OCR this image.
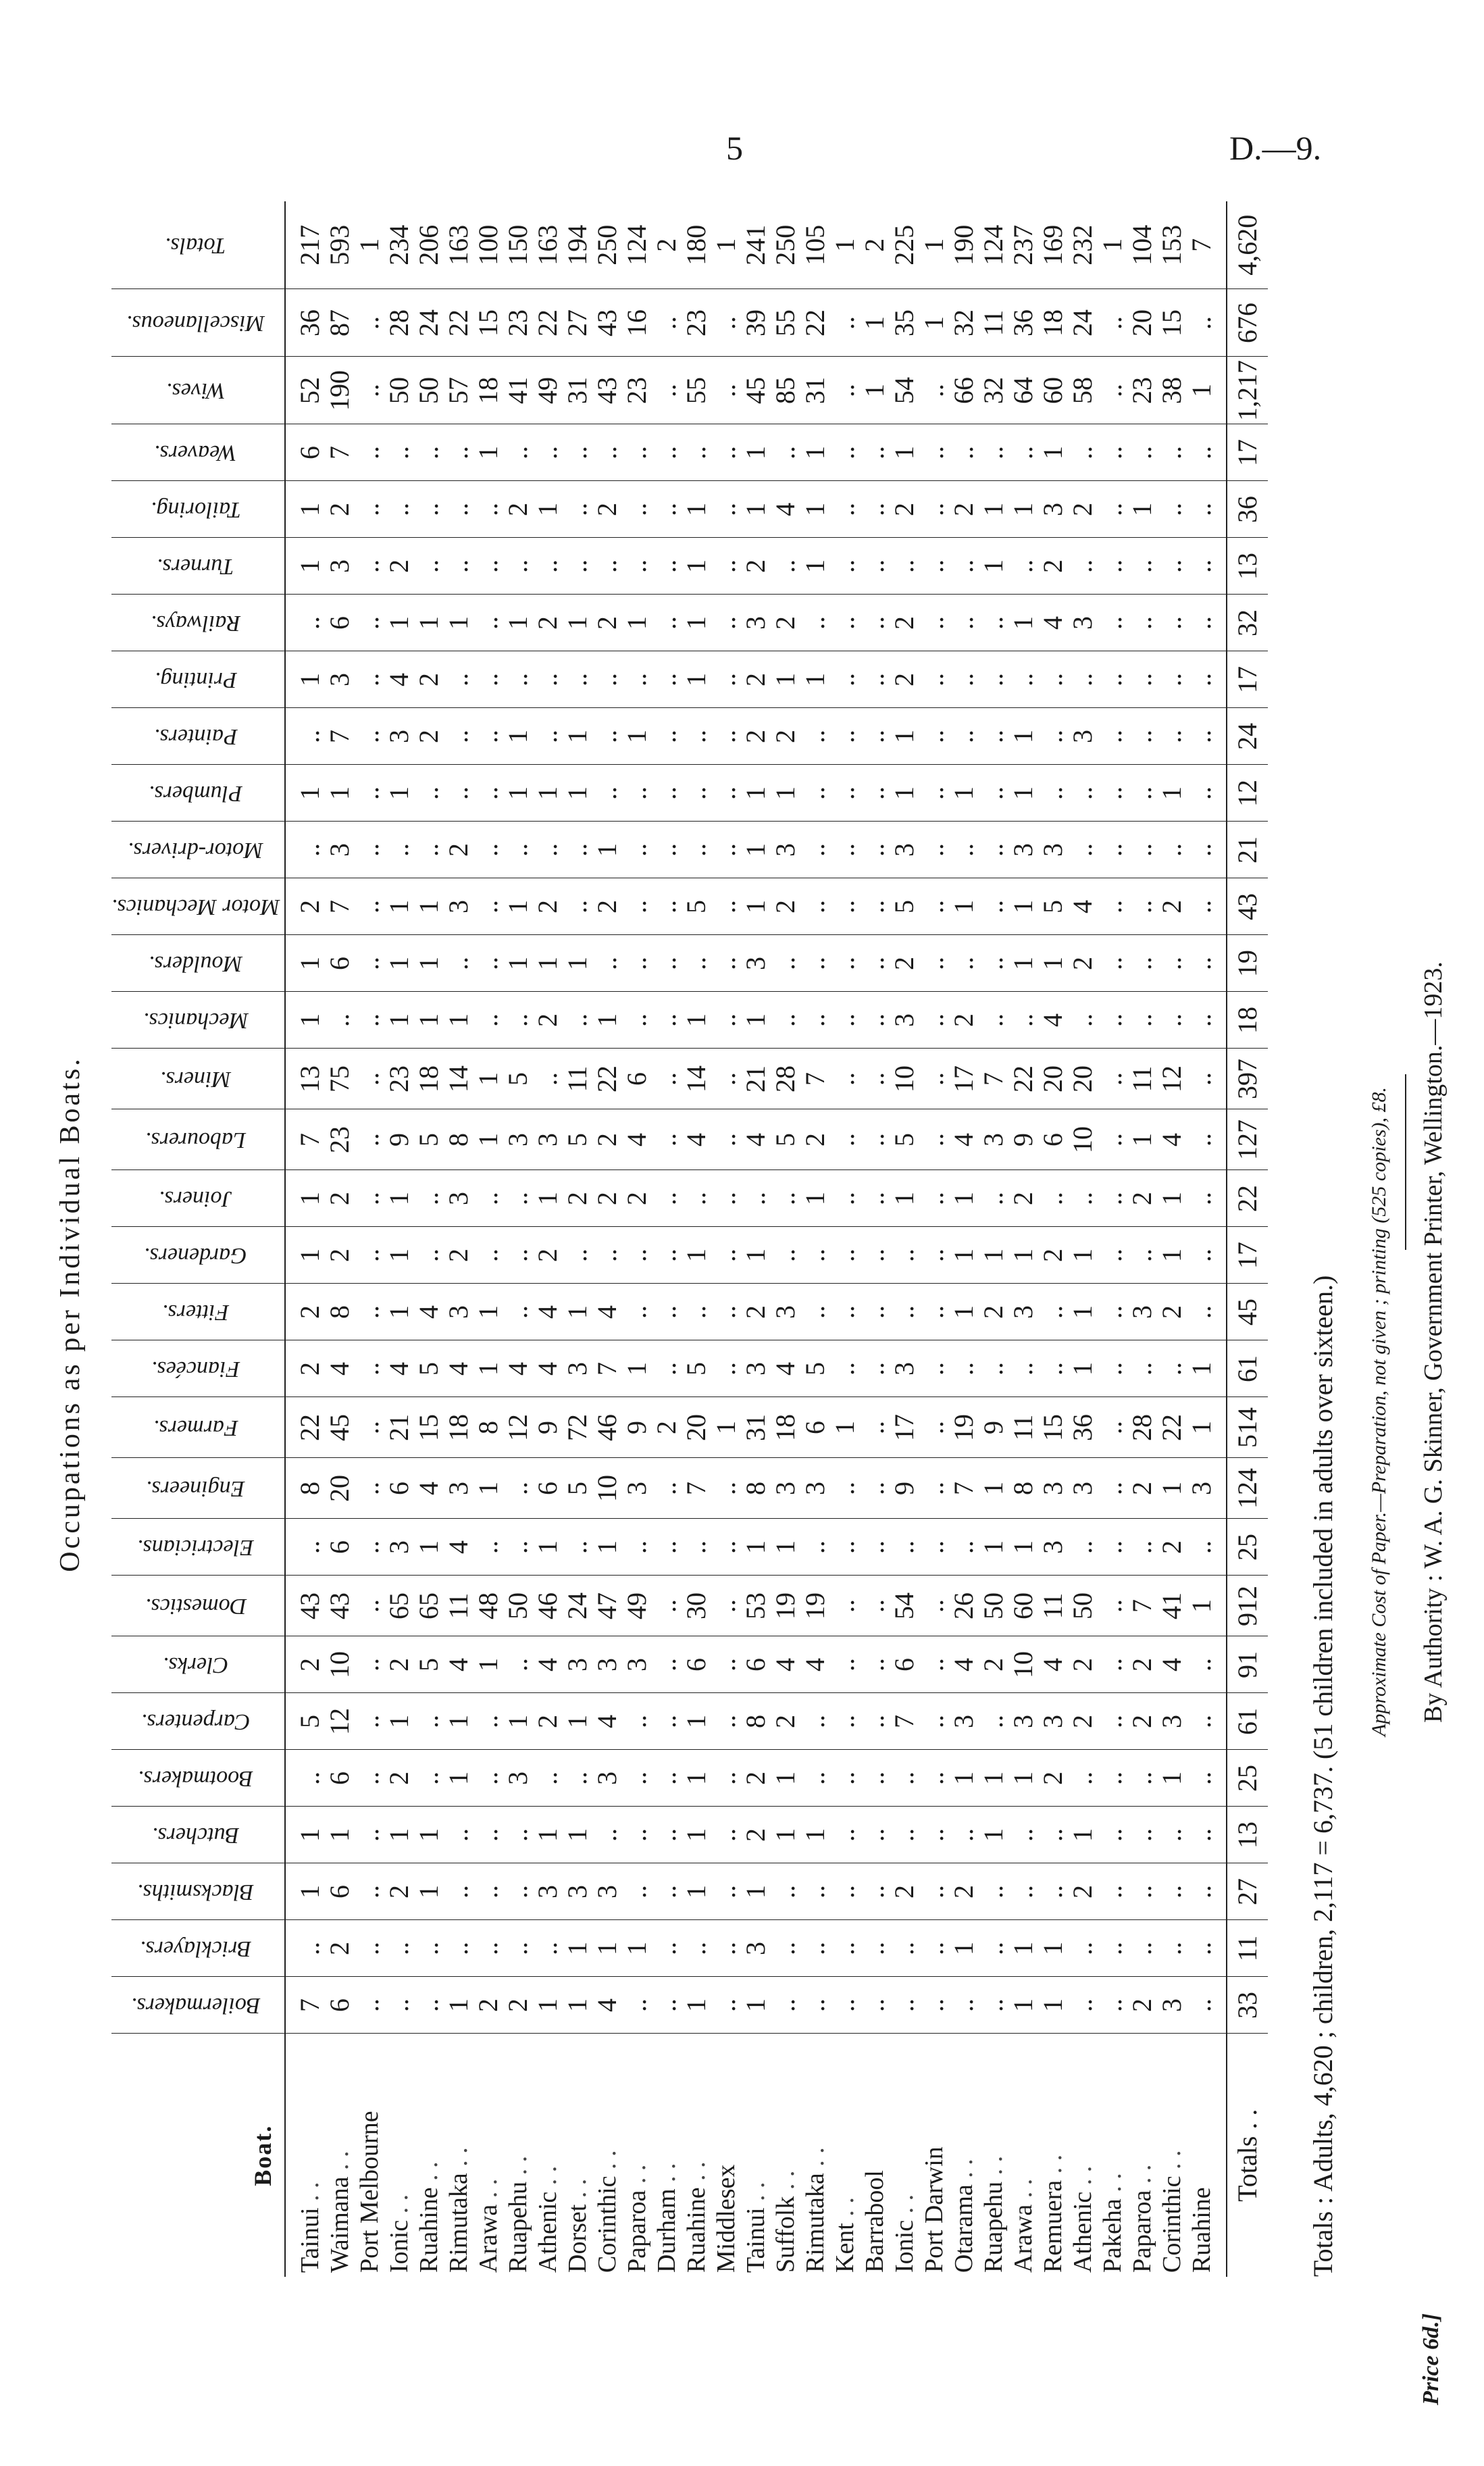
5	D.—9.
Occupations as per Individual Boats.
Boat.	Boilermakers.	Bricklayers.	Blacksmiths.	Butchers.	Bootmakers.	Carpenters.	Clerks.	Domestics.	Electricians.	Engineers.	Farmers.	Fiancées.	Fitters.	Gardeners.	Joiners.	Labourers.	Miners.	Mechanics.	Moulders.	Motor Mechanics.	Motor-drivers.	Plumbers.	Painters.	Printing.	Railways.	Turners.	Tailoring.	Weavers.	Wives.	Miscellaneous.	Totals.
Tainui . .	7	..	1	1	..	5	2	43	..	8	22	2	2	1	1	7	13	1	1	2	..	1	..	1	..	1	1	6	52	36	217
Waimana . .	6	2	6	1	6	12	10	43	6	20	45	4	8	2	2	23	75	..	6	7	3	1	7	3	6	3	2	7	190	87	593
Port Melbourne	..	..	..	..	..	..	..	..	..	..	..	..	..	..	..	..	..	..	..	..	..	..	..	..	..	..	..	..	..	..	1
Ionic . .	..	..	2	1	2	1	2	65	3	6	21	4	1	1	1	9	23	1	1	1	..	1	3	4	1	2	..	..	50	28	234
Ruahine . .	..	..	1	1	..	..	5	65	1	4	15	5	4	..	..	5	18	1	1	1	..	..	2	2	1	..	..	..	50	24	206
Rimutaka . .	1	..	..	..	1	1	4	11	4	3	18	4	3	2	3	8	14	1	..	3	2	..	..	..	1	..	..	..	57	22	163
Arawa . .	2	..	..	..	..	..	1	48	..	1	8	1	1	..	..	1	1	..	..	..	..	..	..	..	..	..	..	1	18	15	100
Ruapehu . .	2	..	..	..	3	1	..	50	..	..	12	4	..	..	..	3	5	..	1	1	..	1	1	..	1	..	2	..	41	23	150
Athenic . .	1	..	3	1	..	2	4	46	1	6	9	4	4	2	1	3	..	2	1	2	..	1	..	..	2	..	1	..	49	22	163
Dorset . .	1	1	3	1	..	1	3	24	..	5	72	3	1	..	2	5	11	..	1	..	..	1	1	..	1	..	..	..	31	27	194
Corinthic . .	4	1	3	..	3	4	3	47	1	10	46	7	4	..	2	2	22	1	..	2	1	..	..	..	2	..	2	..	43	43	250
Paparoa . .	..	1	..	..	..	..	3	49	..	3	9	1	..	..	2	4	6	..	..	..	..	..	1	..	1	..	..	..	23	16	124
Durham . .	..	..	..	..	..	..	..	..	..	..	2	..	..	..	..	..	..	..	..	..	..	..	..	..	..	..	..	..	..	..	2
Ruahine . .	1	..	1	1	1	1	6	30	..	7	20	5	..	1	..	4	14	1	..	5	..	..	..	1	1	1	1	..	55	23	180
Middlesex	..	..	..	..	..	..	..	..	..	..	1	..	..	..	..	..	..	..	..	..	..	..	..	..	..	..	..	..	..	..	1
Tainui . .	1	3	1	2	2	8	6	53	1	8	31	3	2	1	..	4	21	1	3	1	1	1	2	2	3	2	1	1	45	39	241
Suffolk . .	..	..	..	1	1	2	4	19	1	3	18	4	3	..	..	5	28	..	..	2	3	1	2	1	2	..	4	..	85	55	250
Rimutaka . .	..	..	..	1	..	..	4	19	..	3	6	5	..	..	1	2	7	..	..	..	..	..	..	1	..	1	1	1	31	22	105
Kent . .	..	..	..	..	..	..	..	..	..	..	1	..	..	..	..	..	..	..	..	..	..	..	..	..	..	..	..	..	..	..	1
Barrabool	..	..	..	..	..	..	..	..	..	..	..	..	..	..	..	..	..	..	..	..	..	..	..	..	..	..	..	..	1	1	2
Ionic . .	..	..	2	..	..	7	6	54	..	9	17	3	..	..	1	5	10	3	2	5	3	1	1	2	2	..	2	1	54	35	225
Port Darwin	..	..	..	..	..	..	..	..	..	..	..	..	..	..	..	..	..	..	..	..	..	..	..	..	..	..	..	..	..	1	1
Otarama . .	..	1	2	..	1	3	4	26	..	7	19	..	1	1	1	4	17	2	..	1	..	1	..	..	..	..	2	..	66	32	190
Ruapehu . .	..	..	..	1	1	..	2	50	1	1	9	..	2	1	..	3	7	..	..	..	..	..	..	..	..	1	1	..	32	11	124
Arawa . .	1	1	..	..	1	3	10	60	1	8	11	..	3	1	2	9	22	..	1	1	3	1	1	..	1	..	1	..	64	36	237
Remuera . .	1	1	..	..	2	3	4	11	3	3	15	..	..	2	..	6	20	4	1	5	3	..	..	..	4	2	3	1	60	18	169
Athenic . .	..	..	2	1	..	2	2	50	..	3	36	1	1	1	..	10	20	..	2	4	..	..	3	..	3	..	2	..	58	24	232
Pakeha . .	..	..	..	..	..	..	..	..	..	..	..	..	..	..	..	..	..	..	..	..	..	..	..	..	..	..	..	..	..	..	1
Paparoa . .	2	..	..	..	..	2	2	7	..	2	28	..	3	..	2	1	11	..	..	..	..	..	..	..	..	..	1	..	23	20	104
Corinthic . .	3	..	..	..	1	3	4	41	2	1	22	..	2	1	1	4	12	..	..	2	..	1	..	..	..	..	..	..	38	15	153
Ruahine	..	..	..	..	..	..	..	1	..	3	1	1	..	..	..	..	..	..	..	..	..	..	..	..	..	..	..	..	1	..	7
Totals . .	33	11	27	13	25	61	91	912	25	124	514	61	45	17	22	127	397	18	19	43	21	12	24	17	32	13	36	17	1,217	676	4,620
Totals : Adults, 4,620 ; children, 2,117 = 6,737. (51 children included in adults over sixteen.) Approximate Cost of Paper.—Preparation, not given ; printing (525 copies), £8.
Price 6d.]
By Authority : W. A. G. Skinner, Government Printer, Wellington.—1923.
